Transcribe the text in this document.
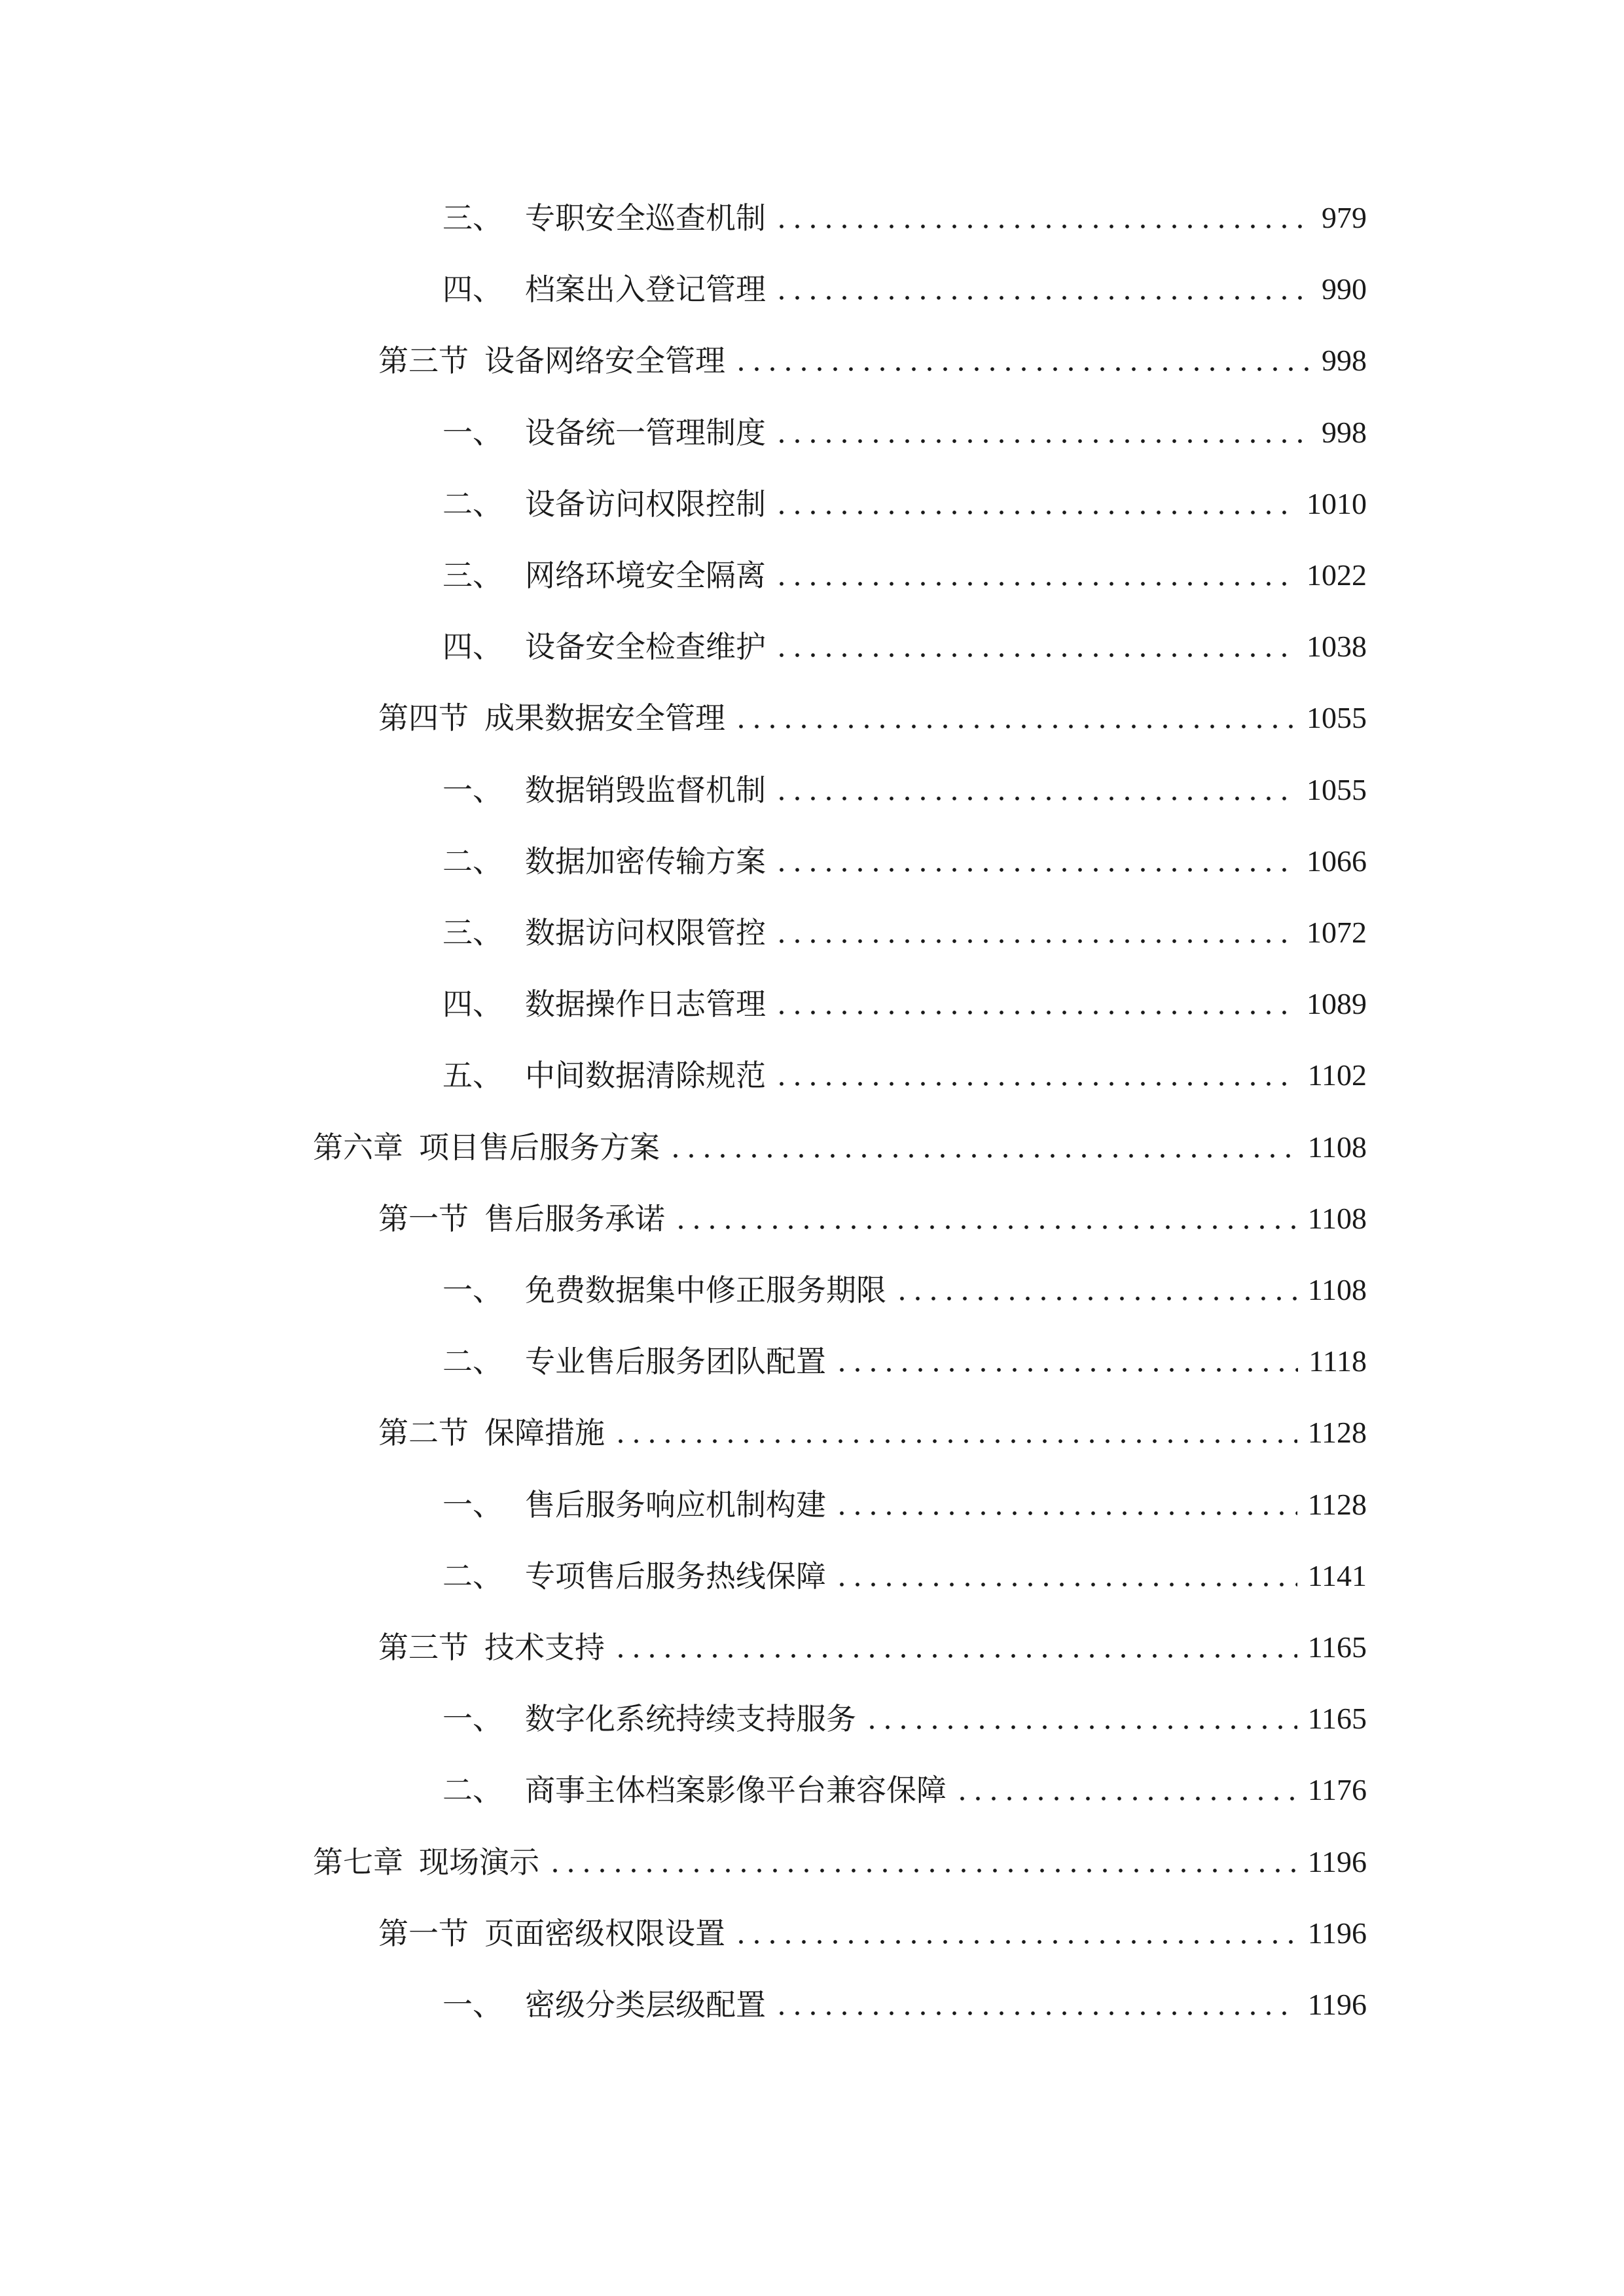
三、 专职安全巡查机制	979
四、 档案出入登记管理	990
第三节 设备网络安全管理	998
一、 设备统一管理制度	998
二、 设备访问权限控制	1010
三、 网络环境安全隔离	1022
四、 设备安全检查维护	1038
第四节 成果数据安全管理	1055
一、 数据销毁监督机制	1055
二、 数据加密传输方案	1066
三、 数据访问权限管控	1072
四、 数据操作日志管理	1089
五、 中间数据清除规范	1102
第六章 项目售后服务方案	1108
第一节 售后服务承诺	1108
一、 免费数据集中修正服务期限	1108
二、 专业售后服务团队配置	1118
第二节 保障措施	1128
一、 售后服务响应机制构建	1128
二、 专项售后服务热线保障	1141
第三节 技术支持	1165
一、 数字化系统持续支持服务	1165
二、 商事主体档案影像平台兼容保障	1176
第七章 现场演示	1196
第一节 页面密级权限设置	1196
一、 密级分类层级配置	1196
